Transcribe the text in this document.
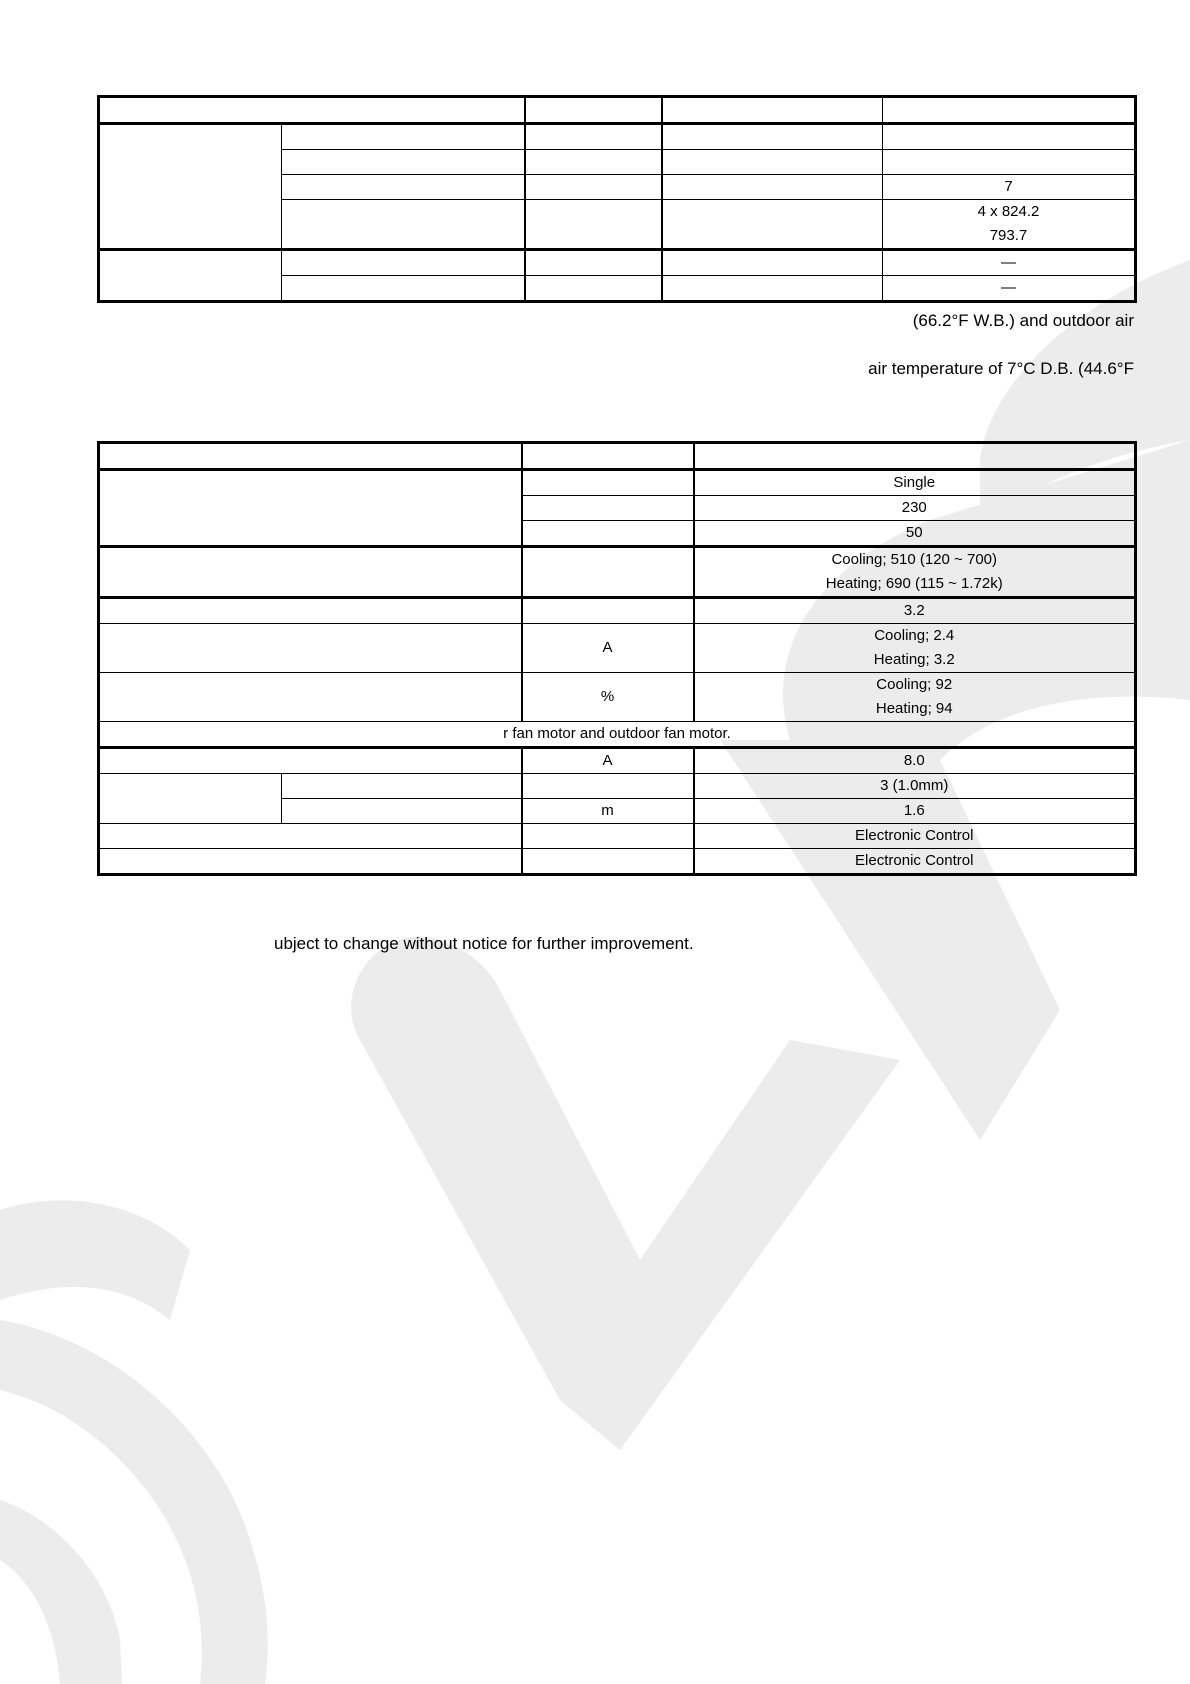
				7
				4 x 824.2
				793.7
				—
				—
(66.2°F W.B.) and outdoor air
air temperature of 7°C D.B. (44.6°F

			Single
			230
			50
			Cooling; 510 (120 ~ 700)
			Heating; 690 (115 ~ 1.72k)
			3.2
		A	Cooling; 2.4
			Heating; 3.2
		%	Cooling; 92
			Heating; 94
r fan motor and outdoor fan motor.			
		A	8.0
			3 (1.0mm)
		m	1.6
			Electronic Control
			Electronic Control
ubject to change without notice for further improvement.
